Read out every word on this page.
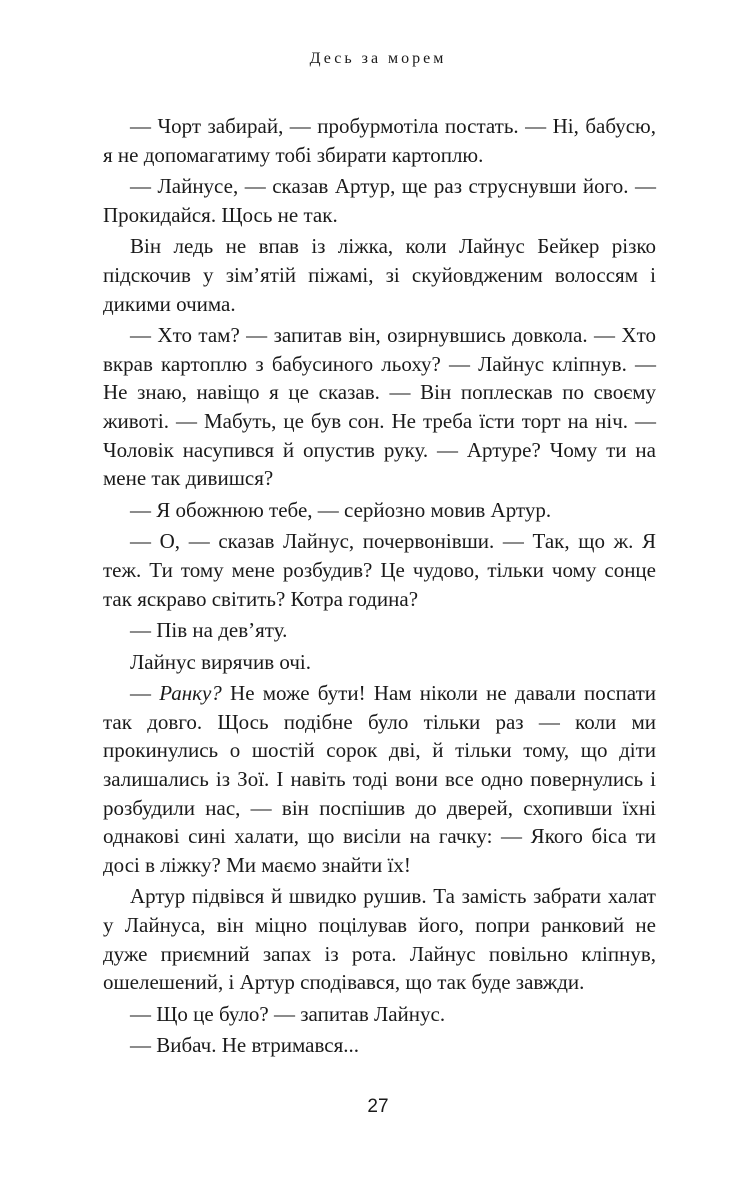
Десь за морем

— Чорт забирай, — пробурмотіла постать. — Ні, бабусю, я не допомагатиму тобі збирати картоплю.

— Лайнусе, — сказав Артур, ще раз струснувши його. — Прокидайся. Щось не так.

Він ледь не впав із ліжка, коли Лайнус Бейкер різко підскочив у зім’ятій піжамі, зі скуйовдженим волоссям і дикими очима.

— Хто там? — запитав він, озирнувшись довкола. — Хто вкрав картоплю з бабусиного льоху? — Лайнус кліпнув. — Не знаю, навіщо я це сказав. — Він поплескав по своєму животі. — Мабуть, це був сон. Не треба їсти торт на ніч. — Чоловік насупився й опустив руку. — Артуре? Чому ти на мене так дивишся?

— Я обожнюю тебе, — серйозно мовив Артур.

— О, — сказав Лайнус, почервонівши. — Так, що ж. Я теж. Ти тому мене розбудив? Це чудово, тільки чому сонце так яскраво світить? Котра година?

— Пів на дев’яту.

Лайнус вирячив очі.

— Ранку? Не може бути! Нам ніколи не давали поспати так довго. Щось подібне було тільки раз — коли ми прокинулись о шостій сорок дві, й тільки тому, що діти залишались із Зої. І навіть тоді вони все одно повернулись і розбудили нас, — він поспішив до дверей, схопивши їхні однакові сині халати, що висіли на гачку: — Якого біса ти досі в ліжку? Ми маємо знайти їх!

Артур підвівся й швидко рушив. Та замість забрати халат у Лайнуса, він міцно поцілував його, попри ранковий не дуже приємний запах із рота. Лайнус повільно кліпнув, ошелешений, і Артур сподівався, що так буде завжди.

— Що це було? — запитав Лайнус.

— Вибач. Не втримався...

27
